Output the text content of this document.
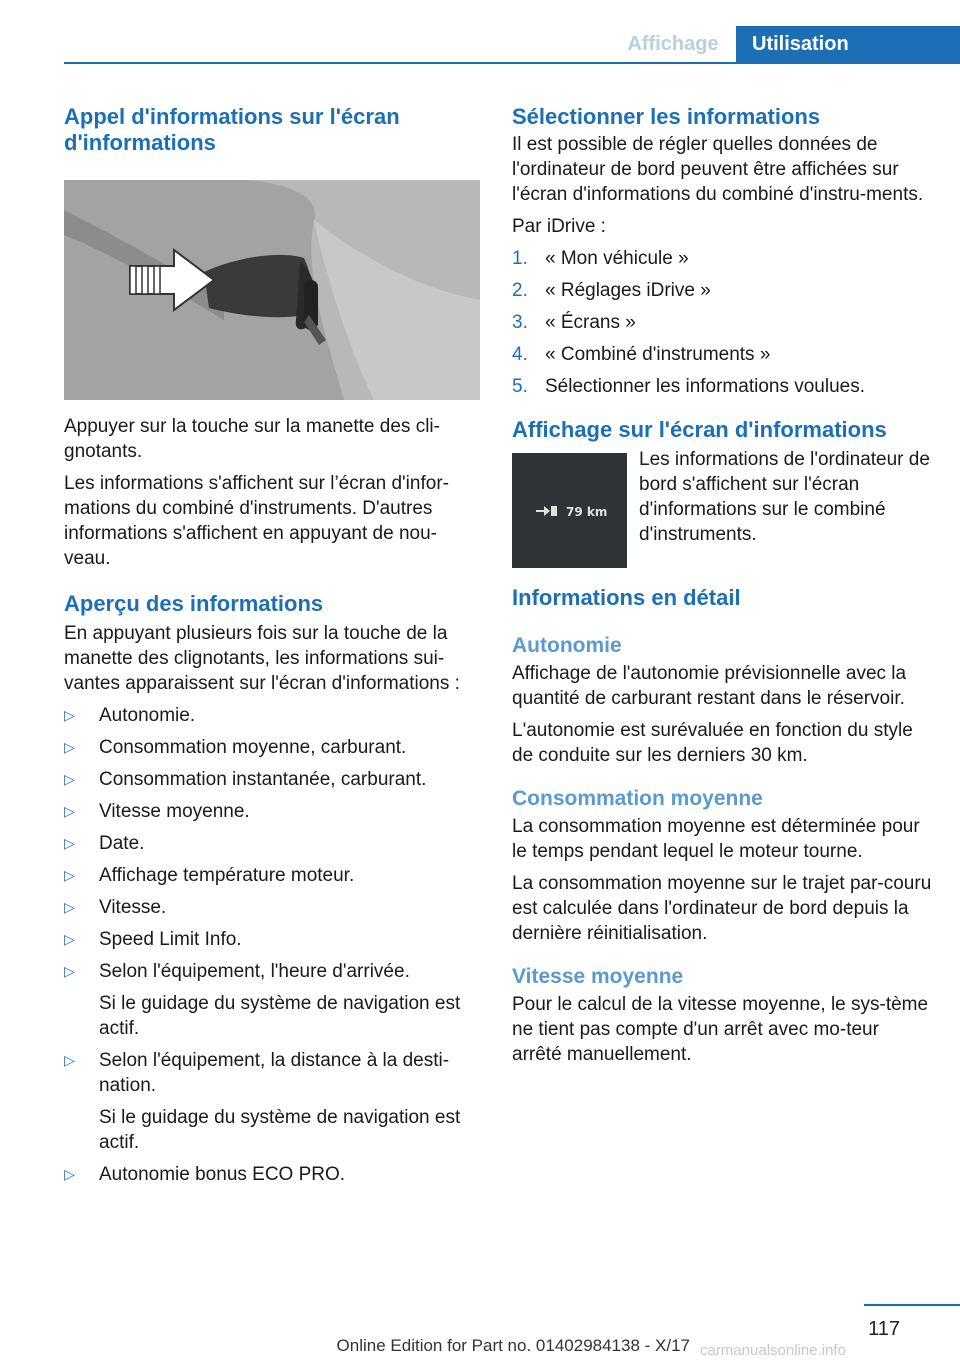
Affichage	Utilisation
Appel d'informations sur l'écran d'informations

Appuyer sur la touche sur la manette des cli-gnotants.

Les informations s'affichent sur l’écran d'infor-mations du combiné d'instruments. D'autres informations s'affichent en appuyant de nou-veau.

Aperçu des informations

En appuyant plusieurs fois sur la touche de la manette des clignotants, les informations sui-vantes apparaissent sur l'écran d'informations :

▷ Autonomie.
▷ Consommation moyenne, carburant.
▷ Consommation instantanée, carburant.
▷ Vitesse moyenne.
▷ Date.
▷ Affichage température moteur.
▷ Vitesse.
▷ Speed Limit Info.
▷ Selon l'équipement, l'heure d'arrivée.
Si le guidage du système de navigation est actif.
▷ Selon l'équipement, la distance à la desti-nation.
Si le guidage du système de navigation est actif.
▷ Autonomie bonus ECO PRO.
Sélectionner les informations

Il est possible de régler quelles données de l'ordinateur de bord peuvent être affichées sur l'écran d'informations du combiné d'instru-ments.

Par iDrive :

1. « Mon véhicule »
2. « Réglages iDrive »
3. « Écrans »
4. « Combiné d'instruments »
5. Sélectionner les informations voulues.
Affichage sur l'écran d'informations
79 km
Les informations de l'ordinateur de bord s'affichent sur l'écran d'informations sur le combiné d'instruments.
Informations en détail
Autonomie

Affichage de l'autonomie prévisionnelle avec la quantité de carburant restant dans le réservoir.

L'autonomie est surévaluée en fonction du style de conduite sur les derniers 30 km.

Consommation moyenne

La consommation moyenne est déterminée pour le temps pendant lequel le moteur tourne.

La consommation moyenne sur le trajet par-couru est calculée dans l'ordinateur de bord depuis la dernière réinitialisation.

Vitesse moyenne

Pour le calcul de la vitesse moyenne, le sys-tème ne tient pas compte d'un arrêt avec mo-teur arrêté manuellement.

117
Online Edition for Part no. 01402984138 - X/17 carmanualsonline.info
